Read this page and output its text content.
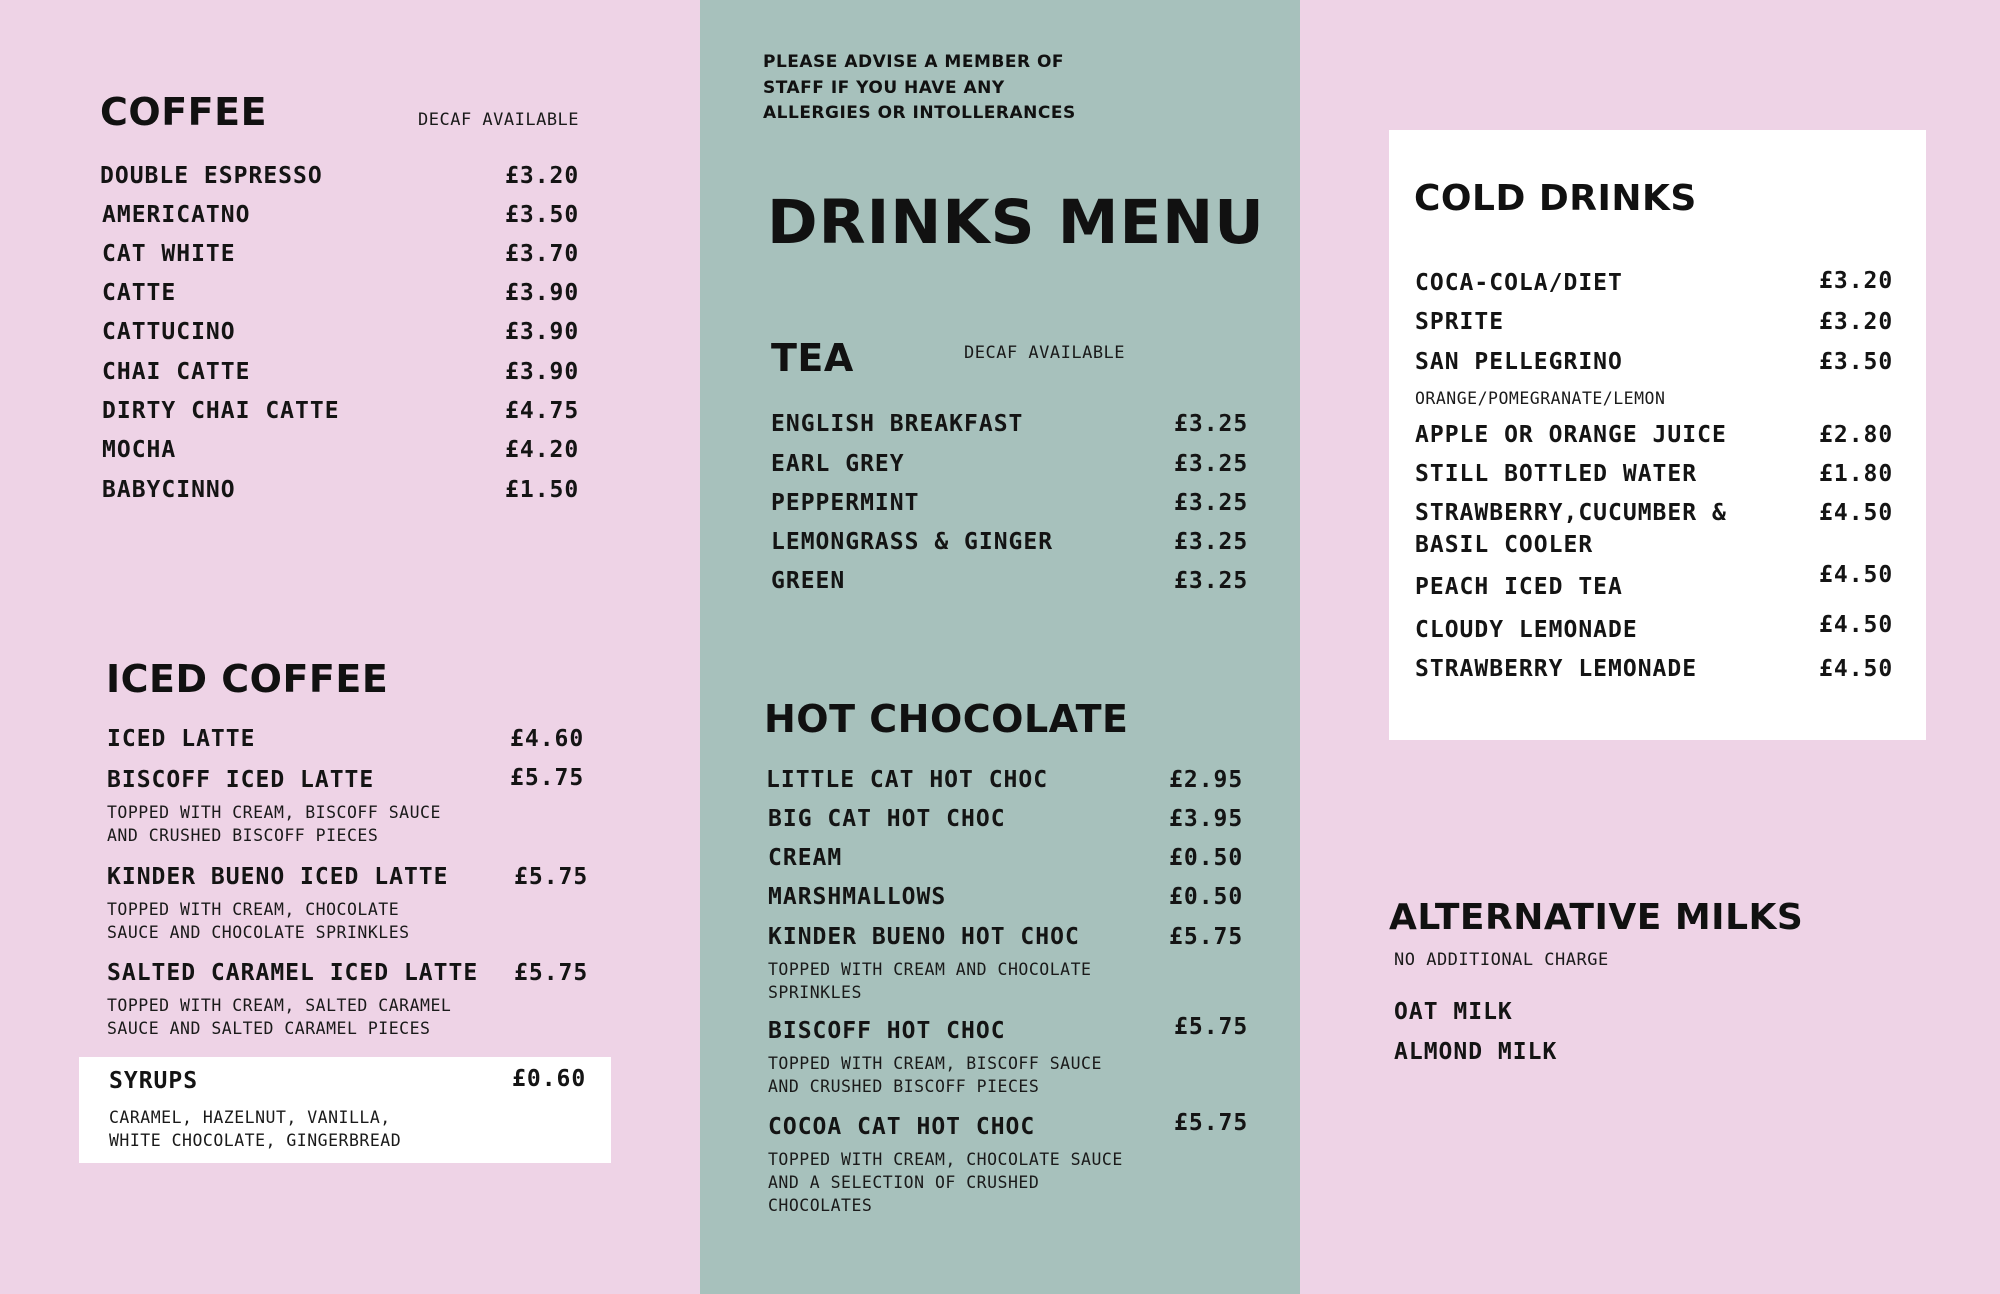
COFFEE	DECAF AVAILABLE
DOUBLE ESPRESSO	£3.20
AMERICATNO	£3.50
CAT WHITE	£3.70
CATTE	£3.90
CATTUCINO	£3.90
CHAI CATTE	£3.90
DIRTY CHAI CATTE	£4.75
MOCHA	£4.20
BABYCINNO	£1.50
ICED COFFEE
ICED LATTE	£4.60
BISCOFF ICED LATTE	£5.75
TOPPED WITH CREAM, BISCOFF SAUCE
AND CRUSHED BISCOFF PIECES
KINDER BUENO ICED LATTE	£5.75
TOPPED WITH CREAM, CHOCOLATE
SAUCE AND CHOCOLATE SPRINKLES
SALTED CARAMEL ICED LATTE £5.75
TOPPED WITH CREAM, SALTED CARAMEL
SAUCE AND SALTED CARAMEL PIECES
SYRUPS	£0.60
CARAMEL, HAZELNUT, VANILLA,
WHITE CHOCOLATE, GINGERBREAD
PLEASE ADVISE A MEMBER OF
STAFF IF YOU HAVE ANY
ALLERGIES OR INTOLLERANCES
DRINKS MENU
TEA	DECAF AVAILABLE
ENGLISH BREAKFAST	£3.25
EARL GREY	£3.25
PEPPERMINT	£3.25
LEMONGRASS & GINGER	£3.25
GREEN	£3.25
HOT CHOCOLATE
LITTLE CAT HOT CHOC	£2.95
BIG CAT HOT CHOC	£3.95
CREAM	£0.50
MARSHMALLOWS	£0.50
KINDER BUENO HOT CHOC	£5.75
TOPPED WITH CREAM AND CHOCOLATE
SPRINKLES
BISCOFF HOT CHOC	£5.75
TOPPED WITH CREAM, BISCOFF SAUCE
AND CRUSHED BISCOFF PIECES
COCOA CAT HOT CHOC	£5.75
TOPPED WITH CREAM, CHOCOLATE SAUCE
AND A SELECTION OF CRUSHED
CHOCOLATES
COLD DRINKS
COCA-COLA/DIET	£3.20
SPRITE	£3.20
SAN PELLEGRINO	£3.50
ORANGE/POMEGRANATE/LEMON
APPLE OR ORANGE JUICE	£2.80
STILL BOTTLED WATER	£1.80
STRAWBERRY,CUCUMBER &	£4.50
BASIL COOLER
PEACH ICED TEA	£4.50
CLOUDY LEMONADE	£4.50
STRAWBERRY LEMONADE	£4.50
ALTERNATIVE MILKS
NO ADDITIONAL CHARGE
OAT MILK
ALMOND MILK
